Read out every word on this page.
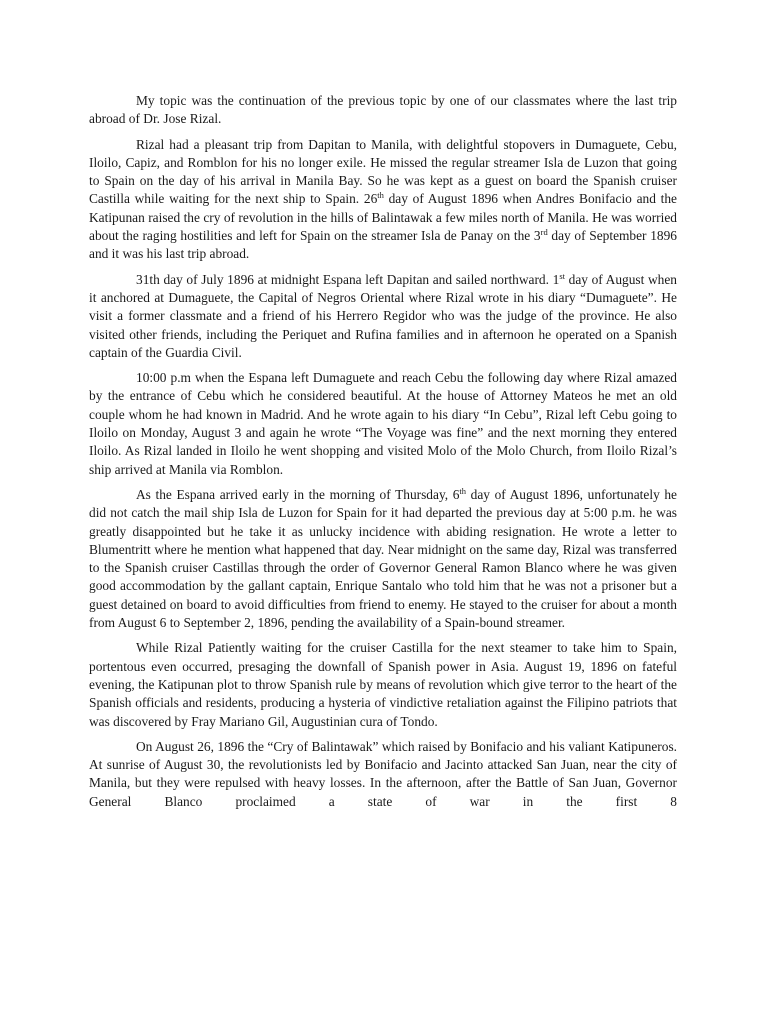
My topic was the continuation of the previous topic by one of our classmates where the last trip abroad of Dr. Jose Rizal.

Rizal had a pleasant trip from Dapitan to Manila, with delightful stopovers in Dumaguete, Cebu, Iloilo, Capiz, and Romblon for his no longer exile. He missed the regular streamer Isla de Luzon that going to Spain on the day of his arrival in Manila Bay. So he was kept as a guest on board the Spanish cruiser Castilla while waiting for the next ship to Spain. 26th day of August 1896 when Andres Bonifacio and the Katipunan raised the cry of revolution in the hills of Balintawak a few miles north of Manila. He was worried about the raging hostilities and left for Spain on the streamer Isla de Panay on the 3rd day of September 1896 and it was his last trip abroad.

31th day of July 1896 at midnight Espana left Dapitan and sailed northward. 1st day of August when it anchored at Dumaguete, the Capital of Negros Oriental where Rizal wrote in his diary “Dumaguete”. He visit a former classmate and a friend of his Herrero Regidor who was the judge of the province. He also visited other friends, including the Periquet and Rufina families and in afternoon he operated on a Spanish captain of the Guardia Civil.

10:00 p.m when the Espana left Dumaguete and reach Cebu the following day where Rizal amazed by the entrance of Cebu which he considered beautiful. At the house of Attorney Mateos he met an old couple whom he had known in Madrid. And he wrote again to his diary “In Cebu”, Rizal left Cebu going to Iloilo on Monday, August 3 and again he wrote “The Voyage was fine” and the next morning they entered Iloilo. As Rizal landed in Iloilo he went shopping and visited Molo of the Molo Church, from Iloilo Rizal’s ship arrived at Manila via Romblon.

As the Espana arrived early in the morning of Thursday, 6th day of August 1896, unfortunately he did not catch the mail ship Isla de Luzon for Spain for it had departed the previous day at 5:00 p.m. he was greatly disappointed but he take it as unlucky incidence with abiding resignation. He wrote a letter to Blumentritt where he mention what happened that day. Near midnight on the same day, Rizal was transferred to the Spanish cruiser Castillas through the order of Governor General Ramon Blanco where he was given good accommodation by the gallant captain, Enrique Santalo who told him that he was not a prisoner but a guest detained on board to avoid difficulties from friend to enemy. He stayed to the cruiser for about a month from August 6 to September 2, 1896, pending the availability of a Spain-bound streamer.

While Rizal Patiently waiting for the cruiser Castilla for the next steamer to take him to Spain, portentous even occurred, presaging the downfall of Spanish power in Asia. August 19, 1896 on fateful evening, the Katipunan plot to throw Spanish rule by means of revolution which give terror to the heart of the Spanish officials and residents, producing a hysteria of vindictive retaliation against the Filipino patriots that was discovered by Fray Mariano Gil, Augustinian cura of Tondo.

On August 26, 1896 the “Cry of Balintawak” which raised by Bonifacio and his valiant Katipuneros. At sunrise of August 30, the revolutionists led by Bonifacio and Jacinto attacked San Juan, near the city of Manila, but they were repulsed with heavy losses. In the afternoon, after the Battle of San Juan, Governor General Blanco proclaimed a state of war in the first 8
